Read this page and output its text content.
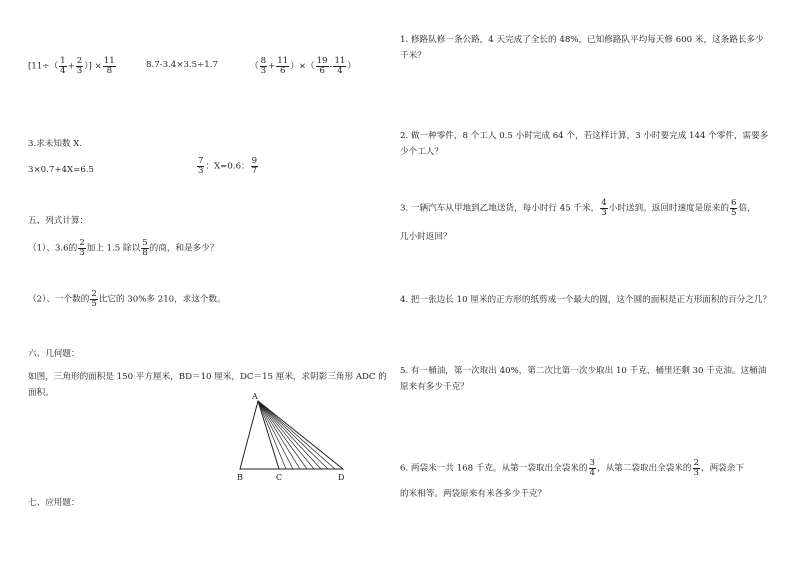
[$11\div( \frac{1}{4} + \frac{2}{3}$ ）] × $\frac{11}{8}$	8.7-3.4×3.5÷1.7	（ $\frac{8}{3} + \frac{11}{6}$ ）×（ $\frac{19}{6} - \frac{11}{4}$ ）
3.求未知数 X.
3×0.7+4X=6.5	$\frac{7}{3}$ ：X=0.6： $\frac{9}{7}$
五、列式计算：
（1）、3.6的 $\frac{2}{3}$ 加上 1.5 除以 $\frac{5}{8}$ 的商，和是多少？
（2）、一个数的 $\frac{2}{5}$ 比它的 30%多 210，求这个数。
六、几何题：
如图，三角形的面积是 150 平方厘米，BD＝10 厘米，DC＝15 厘米，求阴影三角形 ADC 的面积。	A
B	C	D
七、应用题：
1. 修路队修一条公路，4 天完成了全长的 48%，已知修路队平均每天修 600 米，这条路长多少千米？
2. 做一种零件，8 个工人 0.5 小时完成 64 个，若这样计算，3 小时要完成 144 个零件，需要多少个工人？
3. 一辆汽车从甲地到乙地送货，每小时行 45 千米， $\frac{4}{3}$ 小时送到。返回时速度是原来的 $\frac{6}{5}$ 倍，
几小时返回？
4. 把一张边长 10 厘米的正方形的纸剪成一个最大的圆，这个圆的面积是正方形面积的百分之几？
5. 有一桶油，第一次取出 40%，第二次比第一次少取出 10 千克，桶里还剩 30 千克油。这桶油原来有多少千克？
6. 两袋米一共 168 千克。从第一袋取出全袋米的 $\frac{3}{4}$ ，从第二袋取出全袋米的 $\frac{2}{3}$ ，两袋余下
的米相等。两袋原来有米各多少千克？
